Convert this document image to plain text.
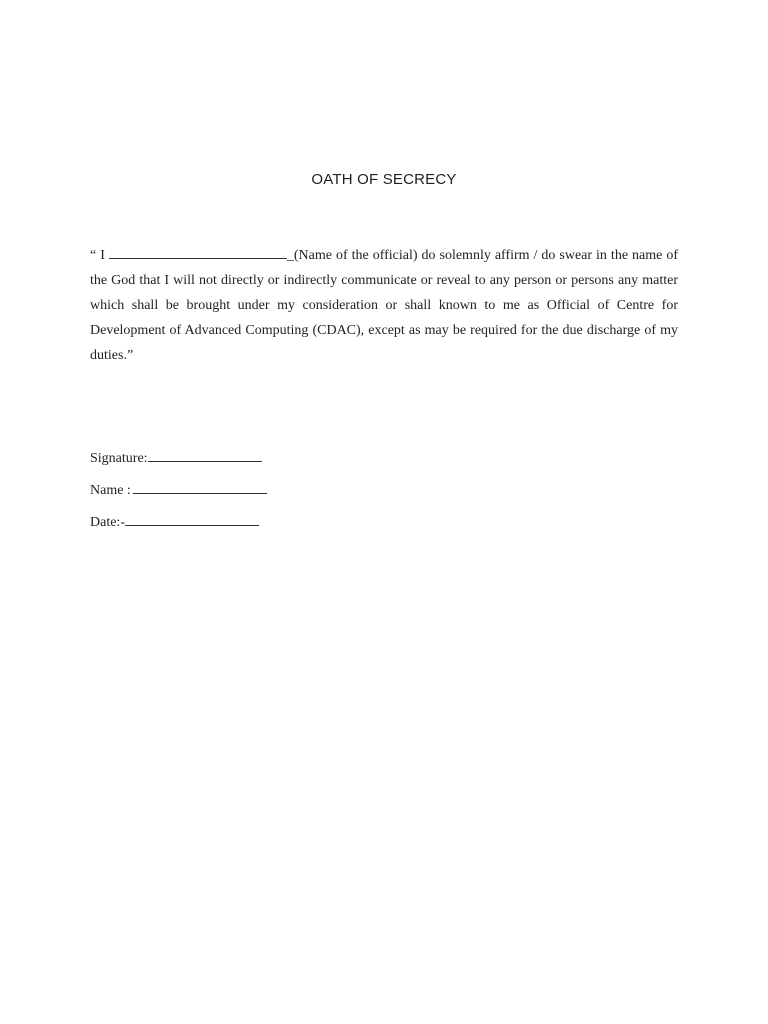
OATH OF SECRECY

“ I	_(Name of the official) do solemnly affirm / do swear in the name of the God that I will not directly or indirectly communicate or reveal to any person or persons any matter which shall be brought under my consideration or shall known to me as Official of Centre for Development of Advanced Computing (CDAC), except as may be required for the due discharge of my duties.”

Signature:
Name :
Date:-
